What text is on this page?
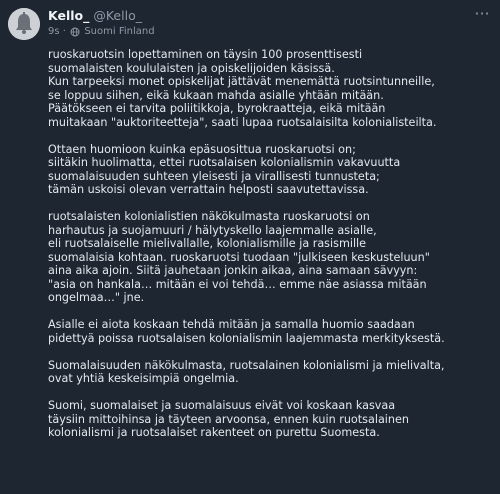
Kello_ @Kello_
9s · Suomi Finland
···

ruoskaruotsin lopettaminen on täysin 100 prosenttisesti
suomalaisten koululaisten ja opiskelijoiden käsissä.
Kun tarpeeksi monet opiskelijat jättävät menemättä ruotsintunneille,
se loppuu siihen, eikä kukaan mahda asialle yhtään mitään.
Päätökseen ei tarvita poliitikkoja, byrokraatteja, eikä mitään
muitakaan "auktoriteetteja", saati lupaa ruotsalaisilta kolonialisteilta.

Ottaen huomioon kuinka epäsuosittua ruoskaruotsi on;
siitäkin huolimatta, ettei ruotsalaisen kolonialismin vakavuutta
suomalaisuuden suhteen yleisesti ja virallisesti tunnusteta;
tämän uskoisi olevan verrattain helposti saavutettavissa.

ruotsalaisten kolonialistien näkökulmasta ruoskaruotsi on
harhautus ja suojamuuri / hälytyskello laajemmalle asialle,
eli ruotsalaiselle mielivallalle, kolonialismille ja rasismille
suomalaisia kohtaan. ruoskaruotsi tuodaan "julkiseen keskusteluun"
aina aika ajoin. Siitä jauhetaan jonkin aikaa, aina samaan sävyyn:
"asia on hankala… mitään ei voi tehdä… emme näe asiassa mitään
ongelmaa…" jne.

Asialle ei aiota koskaan tehdä mitään ja samalla huomio saadaan
pidettyä poissa ruotsalaisen kolonialismin laajemmasta merkityksestä.

Suomalaisuuden näkökulmasta, ruotsalainen kolonialismi ja mielivalta,
ovat yhtiä keskeisimpiä ongelmia.

Suomi, suomalaiset ja suomalaisuus eivät voi koskaan kasvaa
täysiin mittoihinsa ja täyteen arvoonsa, ennen kuin ruotsalainen
kolonialismi ja ruotsalaiset rakenteet on purettu Suomesta.
